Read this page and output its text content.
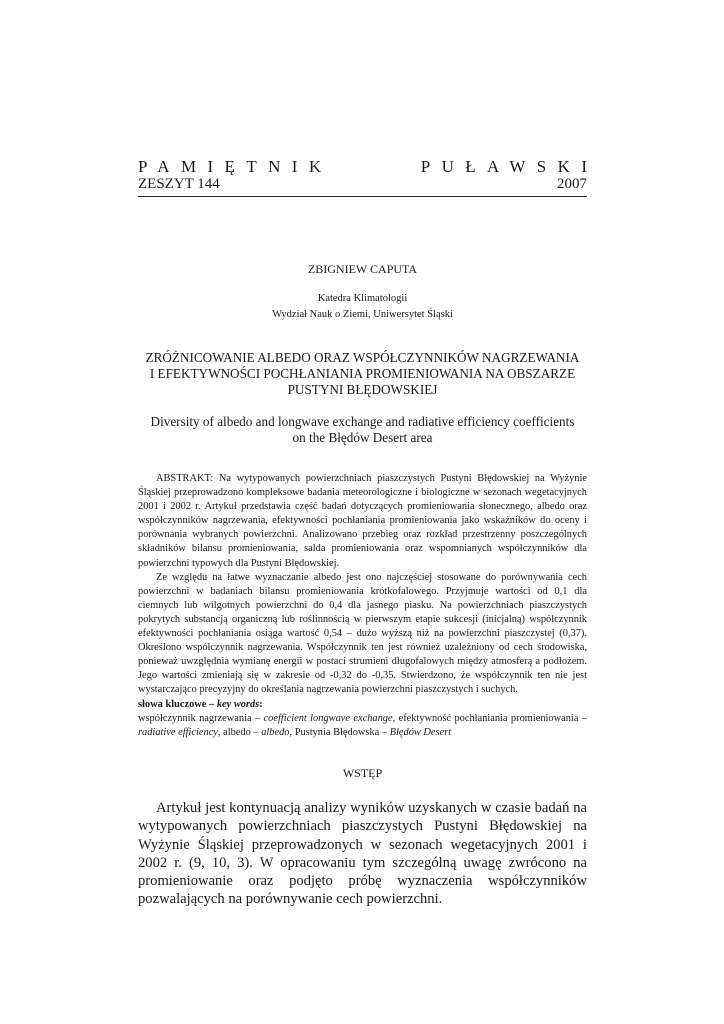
PAMIĘTNIK	PUŁAWSKI
ZESZYT 144	2007
ZBIGNIEW CAPUTA
Katedra Klimatologii
Wydział Nauk o Ziemi, Uniwersytet Śląski
ZRÓŻNICOWANIE ALBEDO ORAZ WSPÓŁCZYNNIKÓW NAGRZEWANIA
I EFEKTYWNOŚCI POCHŁANIANIA PROMIENIOWANIA NA OBSZARZE
PUSTYNI BŁĘDOWSKIEJ
Diversity of albedo and longwave exchange and radiative efficiency coefficients
on the Błędów Desert area

ABSTRAKT: Na wytypowanych powierzchniach piaszczystych Pustyni Błędowskiej na Wyżynie Śląskiej przeprowadzono kompleksowe badania meteorologiczne i biologiczne w sezonach wegetacyjnych 2001 i 2002 r. Artykuł przedstawia część badań dotyczących promieniowania słonecznego, albedo oraz współczynników nagrzewania, efektywności pochłaniania promieniowania jako wskaźników do oceny i porównania wybranych powierzchni. Analizowano przebieg oraz rozkład przestrzenny poszczególnych składników bilansu promieniowania, salda promieniowania oraz wspomnianych współczynników dla powierzchni typowych dla Pustyni Błędowskiej.

Ze względu na łatwe wyznaczanie albedo jest ono najczęściej stosowane do porównywania cech powierzchni w badaniach bilansu promieniowania krótkofalowego. Przyjmuje wartości od 0,1 dla ciemnych lub wilgotnych powierzchni do 0,4 dla jasnego piasku. Na powierzchniach piaszczystych pokrytych substancją organiczną lub roślinnością w pierwszym etapie sukcesji (inicjalną) współczynnik efektywności pochłaniania osiąga wartość 0,54 – dużo wyższą niż na powierzchni piaszczystej (0,37). Określono współczynnik nagrzewania. Współczynnik ten jest również uzależniony od cech środowiska, ponieważ uwzględnia wymianę energii w postaci strumieni długofalowych między atmosferą a podłożem. Jego wartości zmieniają się w zakresie od -0,32 do -0,35. Stwierdzono, że współczynnik ten nie jest wystarczająco precyzyjny do określania nagrzewania powierzchni piaszczystych i suchych.

słowa kluczowe – key words:

współczynnik nagrzewania – coefficient longwave exchange, efektywność pochłaniania promieniowania – radiative efficiency, albedo – albedo, Pustynia Błędowska – Błędów Desert

WSTĘP

Artykuł jest kontynuacją analizy wyników uzyskanych w czasie badań na wytypowanych powierzchniach piaszczystych Pustyni Błędowskiej na Wyżynie Śląskiej przeprowadzonych w sezonach wegetacyjnych 2001 i 2002 r. (9, 10, 3). W opracowaniu tym szczególną uwagę zwrócono na promieniowanie oraz podjęto próbę wyznaczenia współczynników pozwalających na porównywanie cech powierzchni.
